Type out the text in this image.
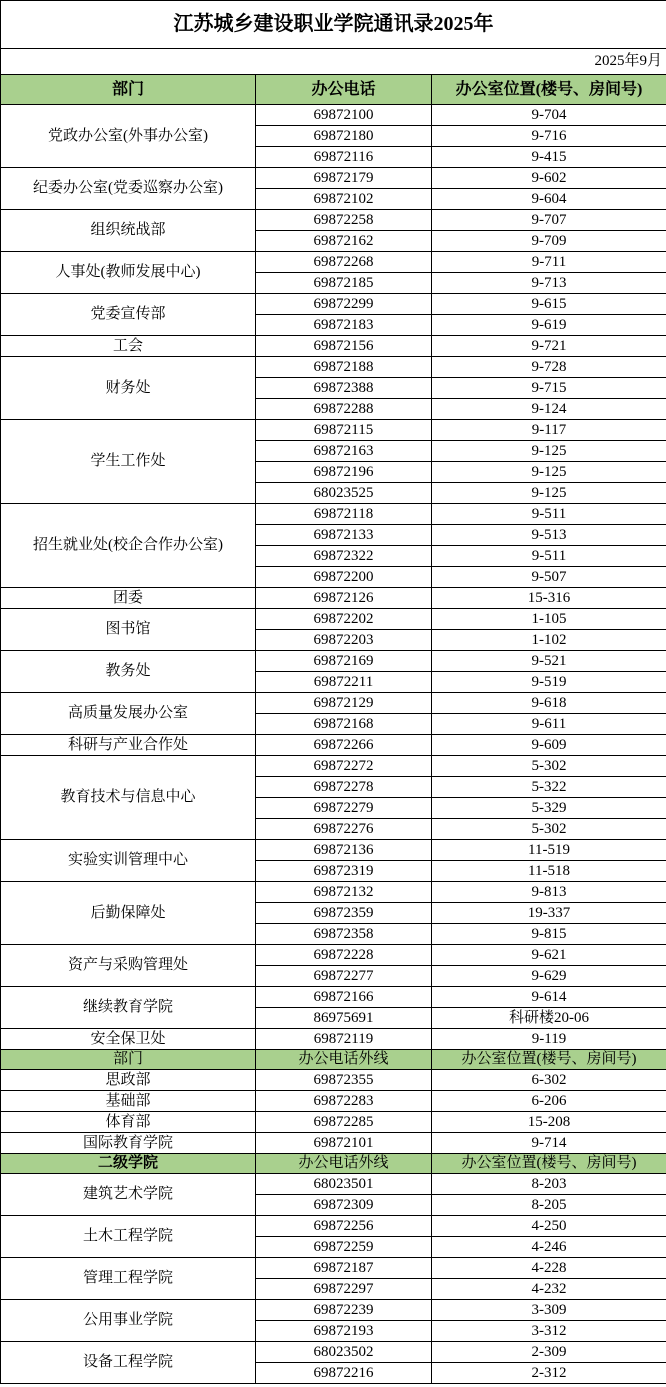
江苏城乡建设职业学院通讯录2025年		
2025年9月		
部门	办公电话	办公室位置(楼号、房间号)
党政办公室(外事办公室)	69872100	9-704
	69872180	9-716
	69872116	9-415
纪委办公室(党委巡察办公室)	69872179	9-602
	69872102	9-604
组织统战部	69872258	9-707
	69872162	9-709
人事处(教师发展中心)	69872268	9-711
	69872185	9-713
党委宣传部	69872299	9-615
	69872183	9-619
工会	69872156	9-721
财务处	69872188	9-728
	69872388	9-715
	69872288	9-124
学生工作处	69872115	9-117
	69872163	9-125
	69872196	9-125
	68023525	9-125
招生就业处(校企合作办公室)	69872118	9-511
	69872133	9-513
	69872322	9-511
	69872200	9-507
团委	69872126	15-316
图书馆	69872202	1-105
	69872203	1-102
教务处	69872169	9-521
	69872211	9-519
高质量发展办公室	69872129	9-618
	69872168	9-611
科研与产业合作处	69872266	9-609
教育技术与信息中心	69872272	5-302
	69872278	5-322
	69872279	5-329
	69872276	5-302
实验实训管理中心	69872136	11-519
	69872319	11-518
后勤保障处	69872132	9-813
	69872359	19-337
	69872358	9-815
资产与采购管理处	69872228	9-621
	69872277	9-629
继续教育学院	69872166	9-614
	86975691	科研楼20-06
安全保卫处	69872119	9-119
部门	办公电话外线	办公室位置(楼号、房间号)
思政部	69872355	6-302
基础部	69872283	6-206
体育部	69872285	15-208
国际教育学院	69872101	9-714
二级学院	办公电话外线	办公室位置(楼号、房间号)
建筑艺术学院	68023501	8-203
	69872309	8-205
土木工程学院	69872256	4-250
	69872259	4-246
管理工程学院	69872187	4-228
	69872297	4-232
公用事业学院	69872239	3-309
	69872193	3-312
设备工程学院	68023502	2-309
	69872216	2-312
